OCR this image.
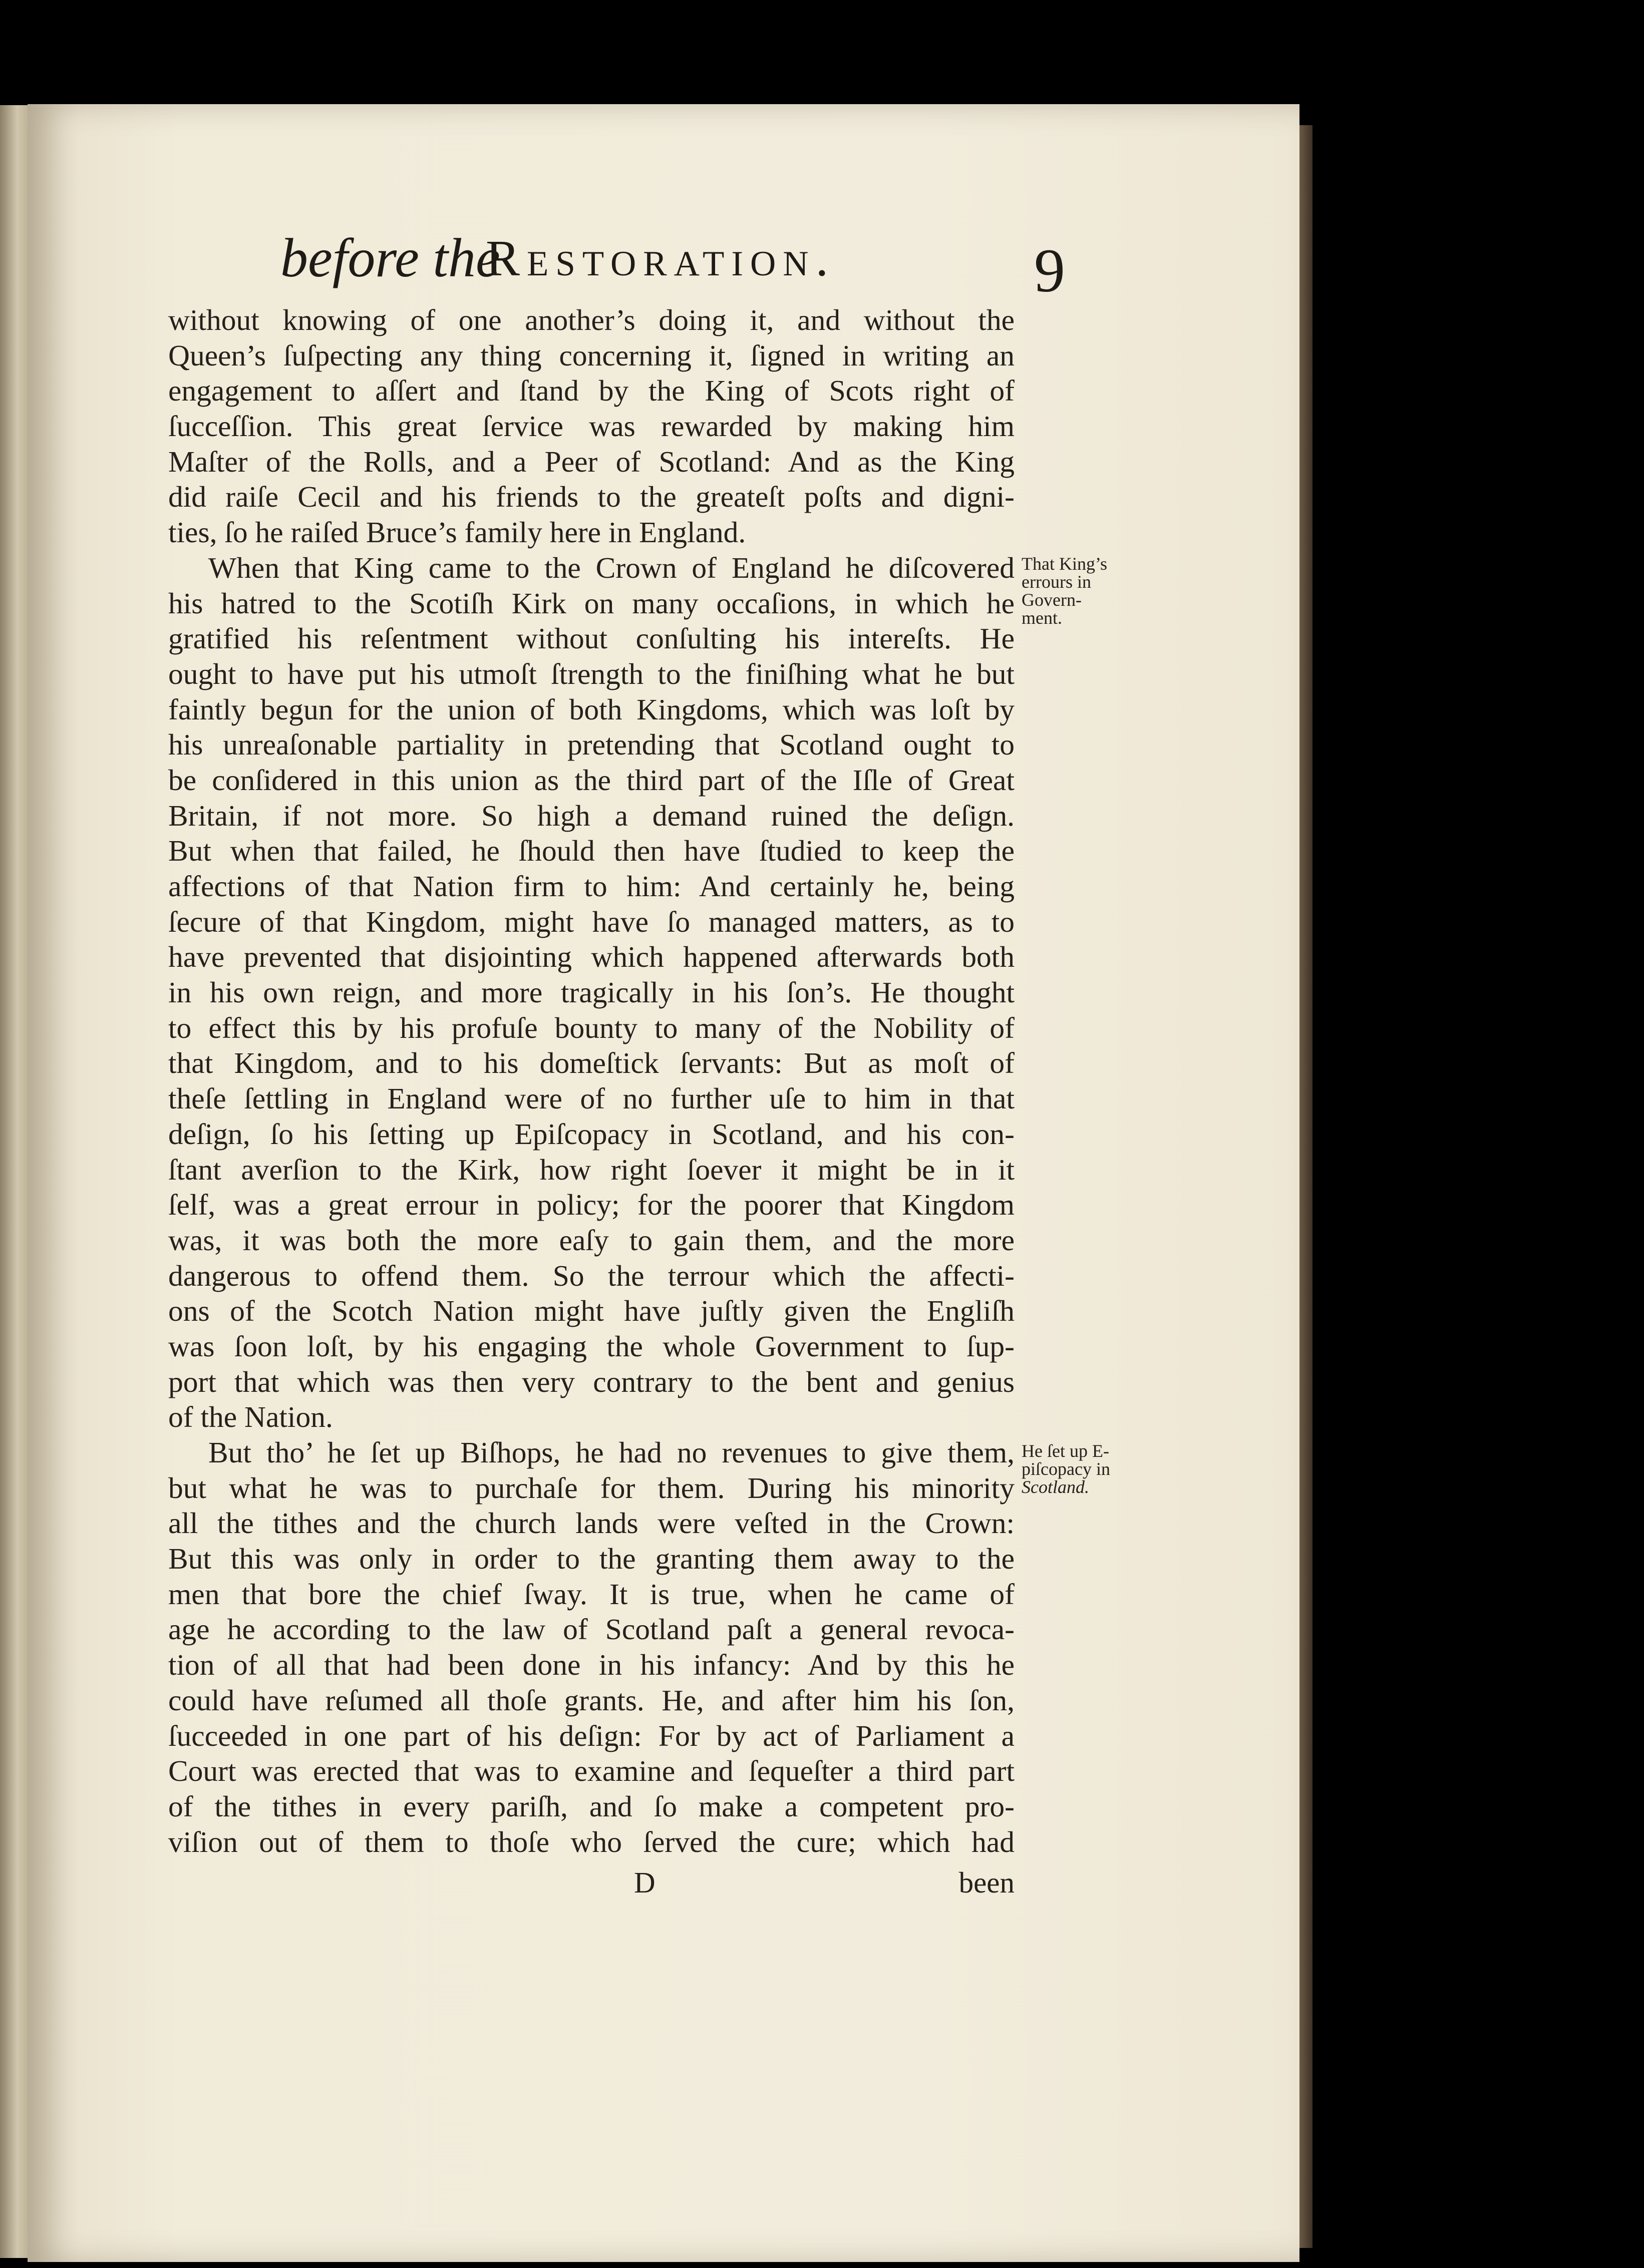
before the
Restoration.	9
without knowing of one another’s doing it, and without the
Queen’s ſuſpecting any thing concerning it, ſigned in writing an
engagement to aſſert and ſtand by the King of Scots right of
ſucceſſion. This great ſervice was rewarded by making him
Maſter of the Rolls, and a Peer of Scotland: And as the King
did raiſe Cecil and his friends to the greateſt poſts and digni-
ties, ſo he raiſed Bruce’s family here in England.
When that King came to the Crown of England he diſcovered
his hatred to the Scotiſh Kirk on many occaſions, in which he
gratified his reſentment without conſulting his intereſts. He
ought to have put his utmoſt ſtrength to the finiſhing what he but
faintly begun for the union of both Kingdoms, which was loſt by
his unreaſonable partiality in pretending that Scotland ought to
be conſidered in this union as the third part of the Iſle of Great
Britain, if not more. So high a demand ruined the deſign.
But when that failed, he ſhould then have ſtudied to keep the
affections of that Nation firm to him: And certainly he, being
ſecure of that Kingdom, might have ſo managed matters, as to
have prevented that disjointing which happened afterwards both
in his own reign, and more tragically in his ſon’s. He thought
to effect this by his profuſe bounty to many of the Nobility of
that Kingdom, and to his domeſtick ſervants: But as moſt of
theſe ſettling in England were of no further uſe to him in that
deſign, ſo his ſetting up Epiſcopacy in Scotland, and his con-
ſtant averſion to the Kirk, how right ſoever it might be in it
ſelf, was a great errour in policy; for the poorer that Kingdom
was, it was both the more eaſy to gain them, and the more
dangerous to offend them. So the terrour which the affecti-
ons of the Scotch Nation might have juſtly given the Engliſh
was ſoon loſt, by his engaging the whole Government to ſup-
port that which was then very contrary to the bent and genius
of the Nation.
But tho’ he ſet up Biſhops, he had no revenues to give them,
but what he was to purchaſe for them. During his minority
all the tithes and the church lands were veſted in the Crown:
But this was only in order to the granting them away to the
men that bore the chief ſway. It is true, when he came of
age he according to the law of Scotland paſt a general revoca-
tion of all that had been done in his infancy: And by this he
could have reſumed all thoſe grants. He, and after him his ſon,
ſucceeded in one part of his deſign: For by act of Parliament a
Court was erected that was to examine and ſequeſter a third part
of the tithes in every pariſh, and ſo make a competent pro-
viſion out of them to thoſe who ſerved the cure; which had
That King’s
errours in
Govern-
ment.
He ſet up E-
piſcopacy in
Scotland.
D	been
